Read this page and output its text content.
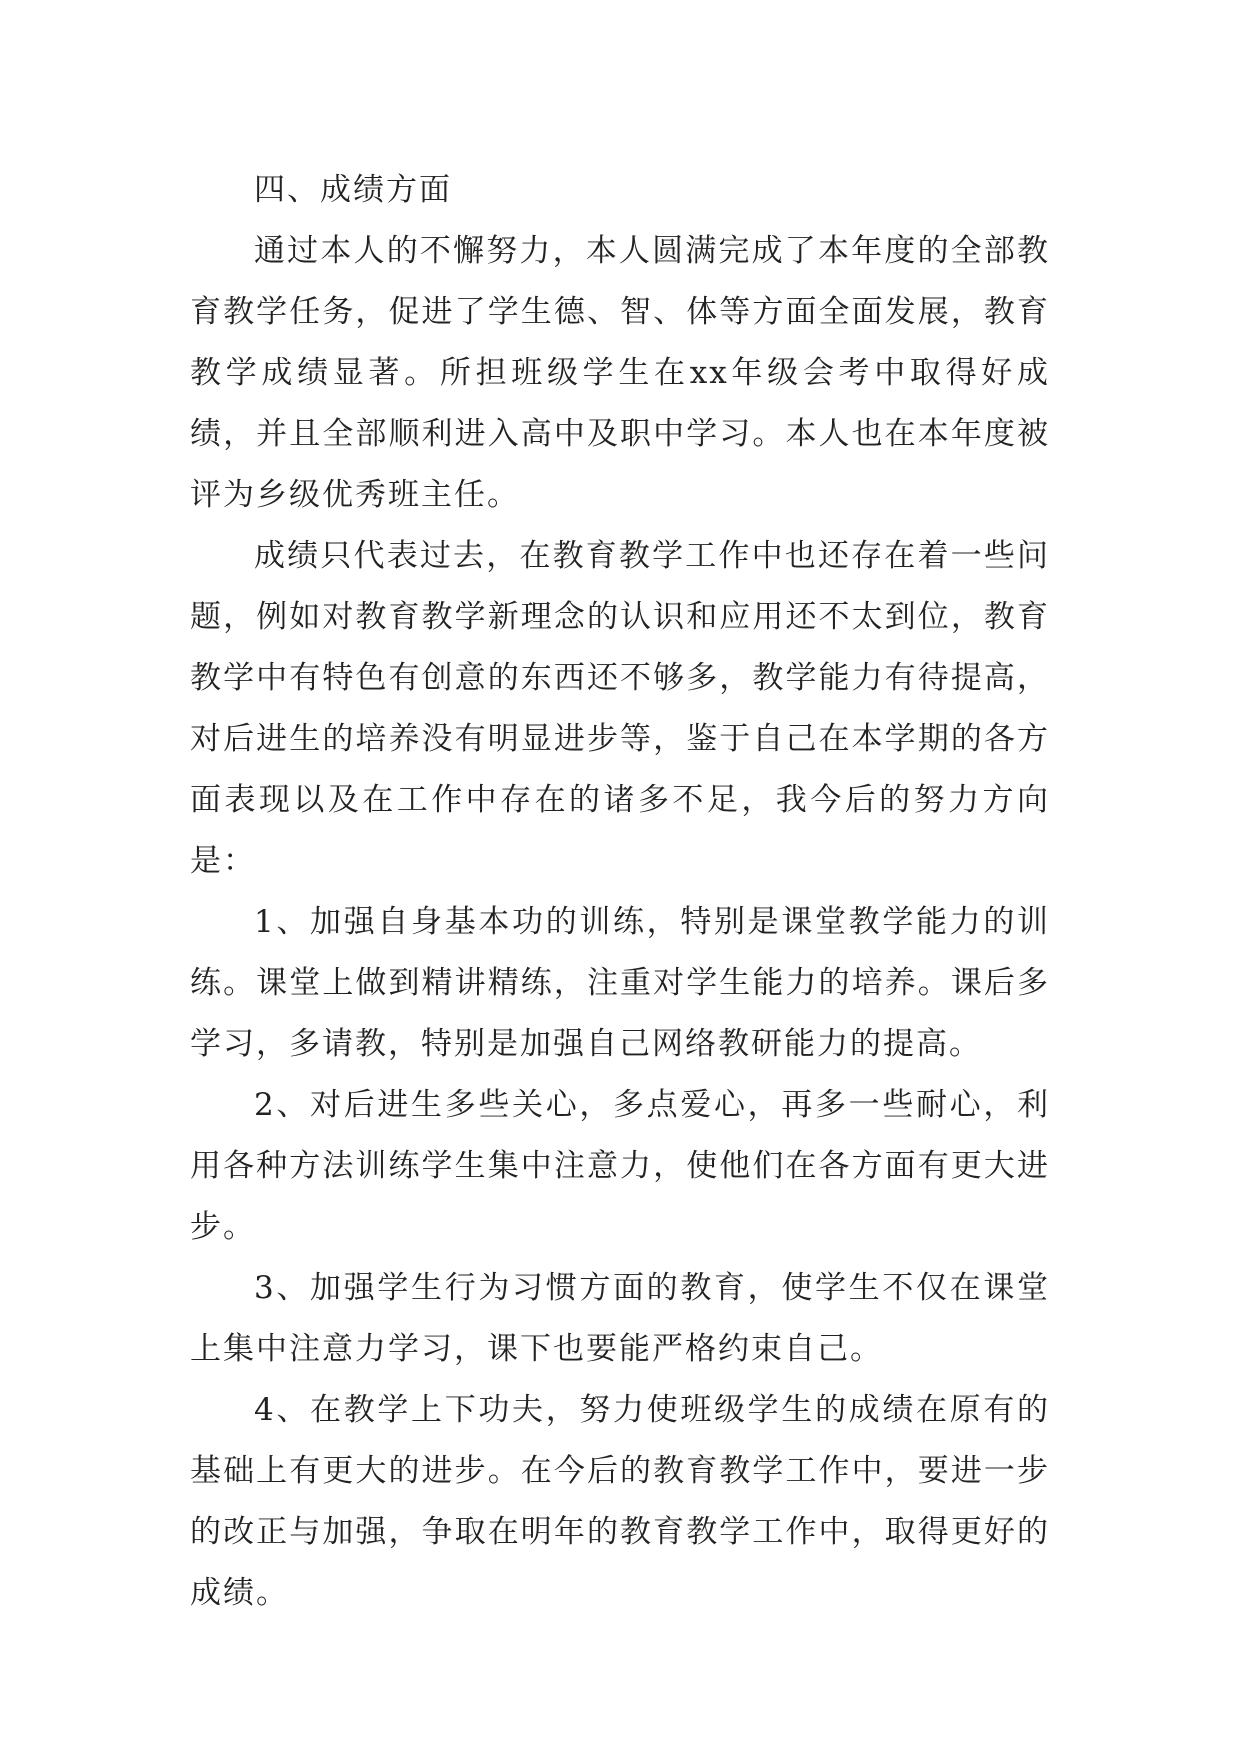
四、成绩方面

通过本人的不懈努力，本人圆满完成了本年度的全部教育教学任务，促进了学生德、智、体等方面全面发展，教育教学成绩显著。所担班级学生在xx年级会考中取得好成绩，并且全部顺利进入高中及职中学习。本人也在本年度被评为乡级优秀班主任。

成绩只代表过去，在教育教学工作中也还存在着一些问题，例如对教育教学新理念的认识和应用还不太到位，教育教学中有特色有创意的东西还不够多，教学能力有待提高，对后进生的培养没有明显进步等，鉴于自己在本学期的各方面表现以及在工作中存在的诸多不足，我今后的努力方向是：

1、加强自身基本功的训练，特别是课堂教学能力的训练。课堂上做到精讲精练，注重对学生能力的培养。课后多学习，多请教，特别是加强自己网络教研能力的提高。

2、对后进生多些关心，多点爱心，再多一些耐心，利用各种方法训练学生集中注意力，使他们在各方面有更大进步。

3、加强学生行为习惯方面的教育，使学生不仅在课堂上集中注意力学习，课下也要能严格约束自己。

4、在教学上下功夫，努力使班级学生的成绩在原有的基础上有更大的进步。在今后的教育教学工作中，要进一步的改正与加强，争取在明年的教育教学工作中，取得更好的成绩。
